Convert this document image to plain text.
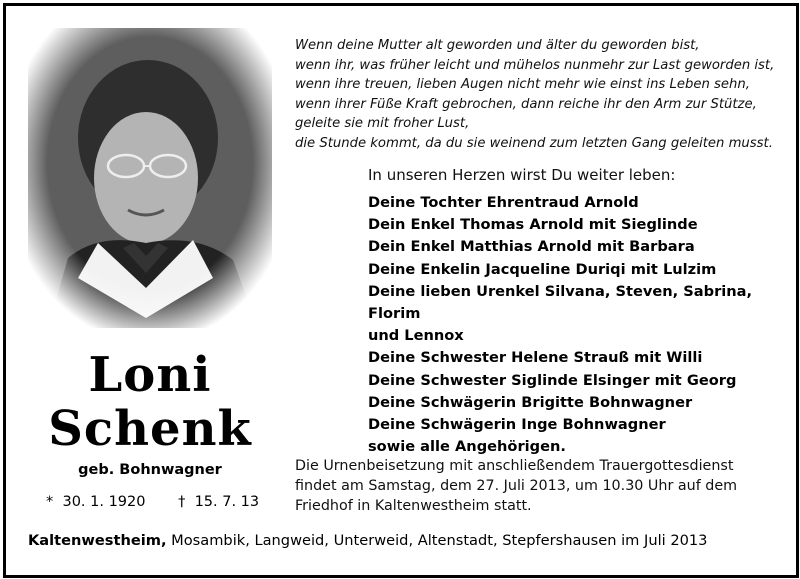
Wenn deine Mutter alt geworden und älter du geworden bist,
wenn ihr, was früher leicht und mühelos nunmehr zur Last geworden ist,
wenn ihre treuen, lieben Augen nicht mehr wie einst ins Leben sehn,
wenn ihrer Füße Kraft gebrochen, dann reiche ihr den Arm zur Stütze,
geleite sie mit froher Lust,
die Stunde kommt, da du sie weinend zum letzten Gang geleiten musst.
In unseren Herzen wirst Du weiter leben:
Deine Tochter Ehrentraud Arnold
Dein Enkel Thomas Arnold mit Sieglinde
Dein Enkel Matthias Arnold mit Barbara
Deine Enkelin Jacqueline Duriqi mit Lulzim
Deine lieben Urenkel Silvana, Steven, Sabrina, Florim
und Lennox
Deine Schwester Helene Strauß mit Willi
Deine Schwester Siglinde Elsinger mit Georg
Deine Schwägerin Brigitte Bohnwagner
Deine Schwägerin Inge Bohnwagner
sowie alle Angehörigen.
Loni
Schenk
geb. Bohnwagner
* 30. 1. 1920 † 15. 7. 13
Die Urnenbeisetzung mit anschließendem Trauergottesdienst
findet am Samstag, dem 27. Juli 2013, um 10.30 Uhr auf dem
Friedhof in Kaltenwestheim statt.
Kaltenwestheim, Mosambik, Langweid, Unterweid, Altenstadt, Stepfershausen im Juli 2013
